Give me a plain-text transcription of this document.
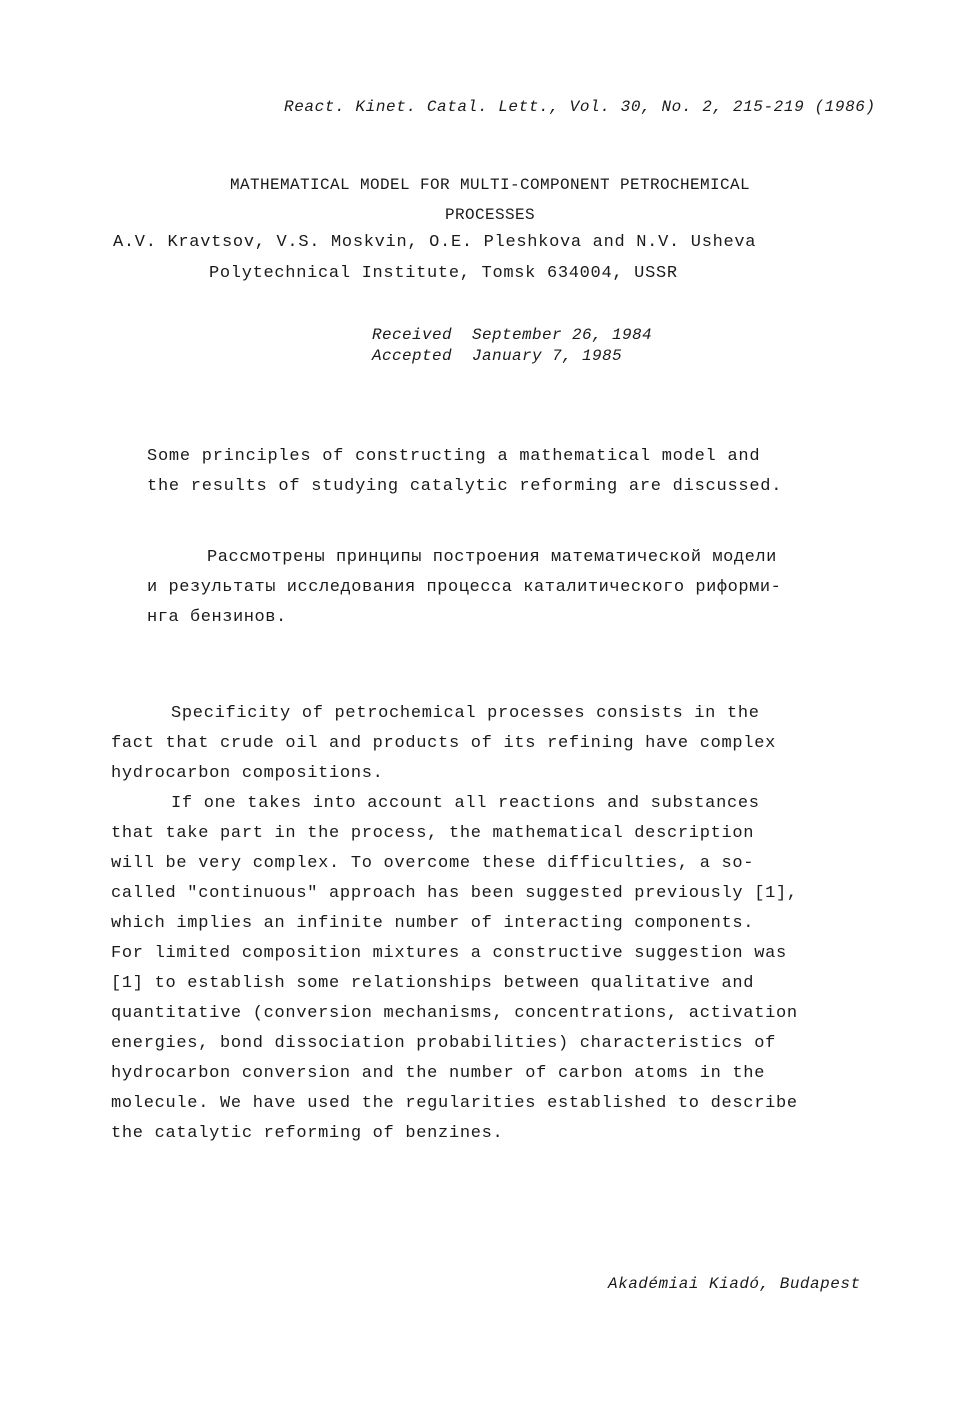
React. Kinet. Catal. Lett., Vol. 30, No. 2, 215-219 (1986)
MATHEMATICAL MODEL FOR MULTI-COMPONENT PETROCHEMICAL
PROCESSES
A.V. Kravtsov, V.S. Moskvin, O.E. Pleshkova and N.V. Usheva
Polytechnical Institute, Tomsk 634004, USSR
Received September 26, 1984
Accepted January 7, 1985
Some principles of constructing a mathematical model and
the results of studying catalytic reforming are discussed.
Рассмотрены принципы построения математической модели
и результаты исследования процесса каталитического риформи-
нга бензинов.
Specificity of petrochemical processes consists in the
fact that crude oil and products of its refining have complex
hydrocarbon compositions.
If one takes into account all reactions and substances
that take part in the process, the mathematical description
will be very complex. To overcome these difficulties, a so-
called "continuous" approach has been suggested previously [1],
which implies an infinite number of interacting components.
For limited composition mixtures a constructive suggestion was
[1] to establish some relationships between qualitative and
quantitative (conversion mechanisms, concentrations, activation
energies, bond dissociation probabilities) characteristics of
hydrocarbon conversion and the number of carbon atoms in the
molecule. We have used the regularities established to describe
the catalytic reforming of benzines.
Akadémiai Kiadó, Budapest
